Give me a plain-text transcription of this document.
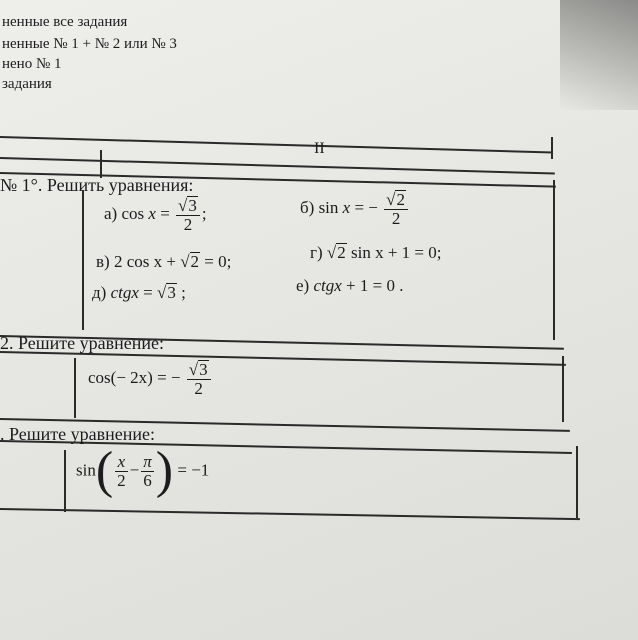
ненные все задания
ненные № 1 + № 2 или № 3
нено № 1
задания
II
№ 1°. Решить уравнения:
а) $\cos x = \frac{√3}{2}$ ;	б) sin x = − $\frac{√2}{2}$
в) 2 cos x + √2 = 0;	г) √2 sin x + 1 = 0;
д) ctgx = √3 ;	е) ctgx + 1 = 0 .
2. Решите уравнение:
cos(− 2x) = − $\frac{√3}{2}$
. Решите уравнение:
$\sin( \frac{x}{2} - \frac{\pi}{6}$ ) = −1
